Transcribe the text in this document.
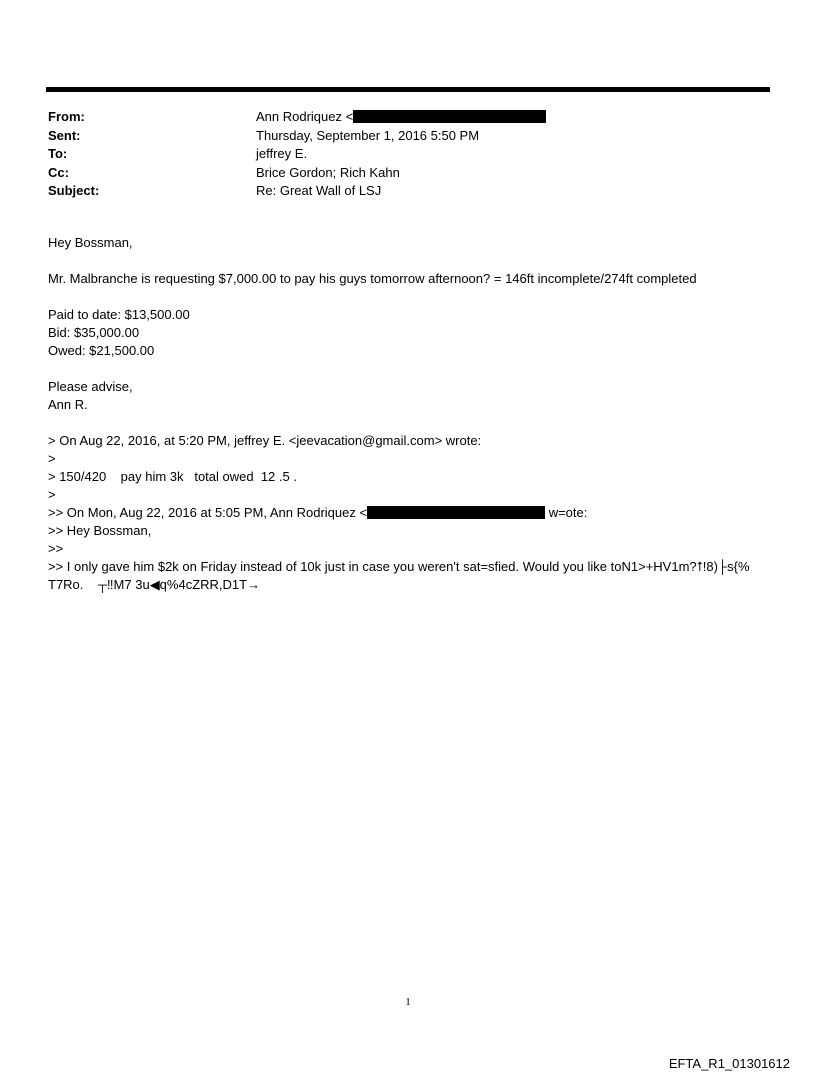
From:	Ann Rodriquez <
Sent:	Thursday, September 1, 2016 5:50 PM
To:	jeffrey E.
Cc:	Brice Gordon; Rich Kahn
Subject:	Re: Great Wall of LSJ

Hey Bossman,

Mr. Malbranche is requesting $7,000.00 to pay his guys tomorrow afternoon? = 146ft incomplete/274ft completed

Paid to date: $13,500.00

Bid: $35,000.00

Owed: $21,500.00

Please advise,

Ann R.

> On Aug 22, 2016, at 5:20 PM, jeffrey E. <jeevacation@gmail.com> wrote:

>

> 150/420    pay him 3k   total owed  12 .5 .

>

>> On Mon, Aug 22, 2016 at 5:05 PM, Ann Rodriquez <	w=ote:

>> Hey Bossman,

>>

>> I only gave him $2k on Friday instead of 10k just in case you weren't sat=sfied. Would you like toN1>+HV1m?⭡!8)├s{%

T7Ro.    ┬‼M7 3u◀q%4cZRR,D1T→

1
EFTA_R1_01301612
